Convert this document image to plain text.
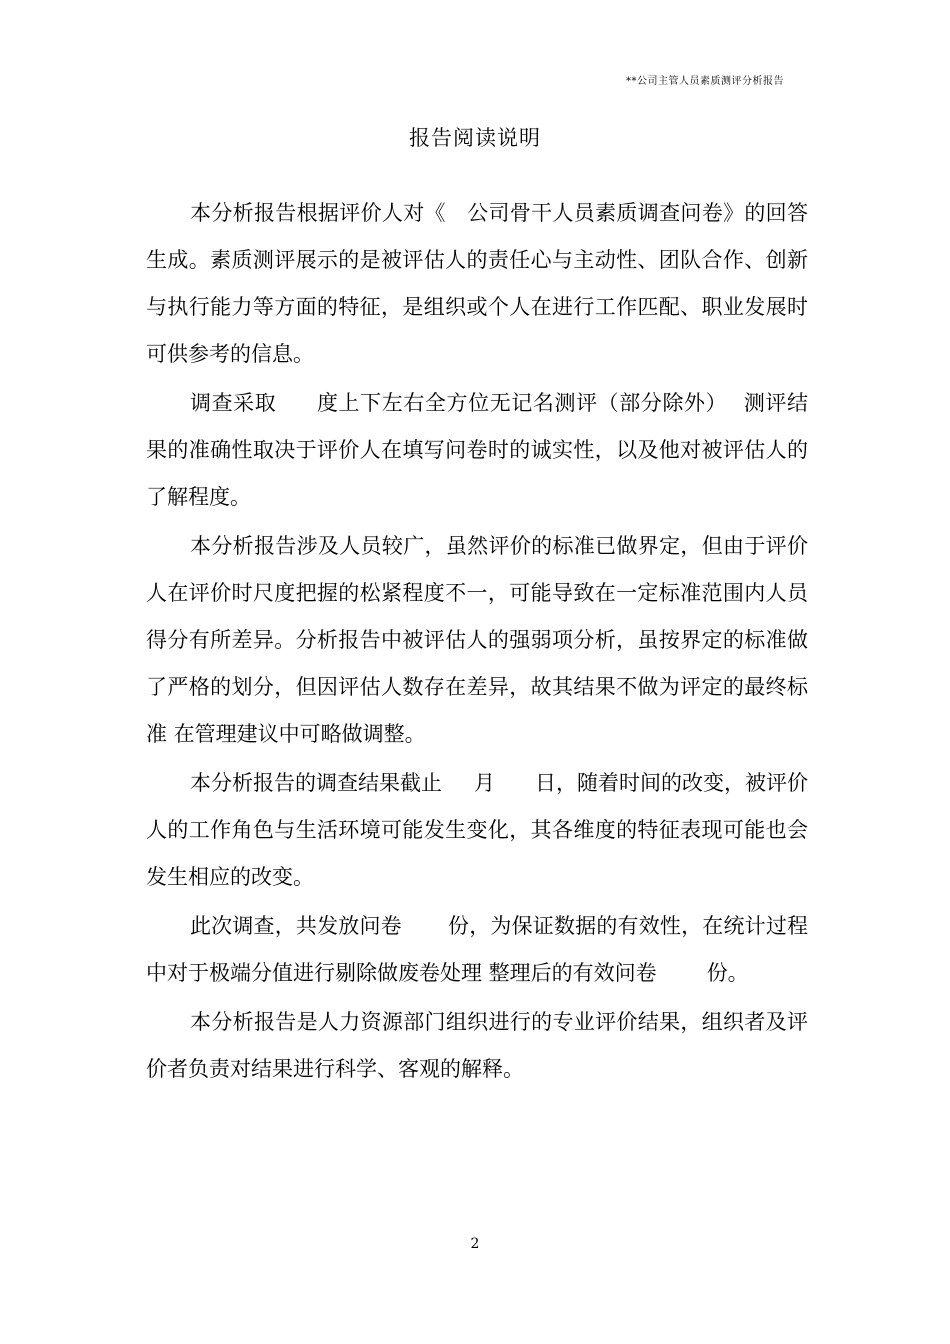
**公司主管人员素质测评分析报告
报告阅读说明

本分析报告根据评价人对《　公司骨干人员素质调查问卷》的回答生成。素质测评展示的是被评估人的责任心与主动性、团队合作、创新与执行能力等方面的特征，是组织或个人在进行工作匹配、职业发展时可供参考的信息。

调查采取 度上下左右全方位无记名测评（部分除外） 测评结果的准确性取决于评价人在填写问卷时的诚实性，以及他对被评估人的了解程度。

本分析报告涉及人员较广，虽然评价的标准已做界定，但由于评价人在评价时尺度把握的松紧程度不一，可能导致在一定标准范围内人员得分有所差异。分析报告中被评估人的强弱项分析，虽按界定的标准做了严格的划分，但因评估人数存在差异，故其结果不做为评定的最终标准 在管理建议中可略做调整。

本分析报告的调查结果截止 月 日，随着时间的改变，被评价人的工作角色与生活环境可能发生变化，其各维度的特征表现可能也会发生相应的改变。

此次调查，共发放问卷 份，为保证数据的有效性，在统计过程中对于极端分值进行剔除做废卷处理 整理后的有效问卷 份。

本分析报告是人力资源部门组织进行的专业评价结果，组织者及评价者负责对结果进行科学、客观的解释。

2
